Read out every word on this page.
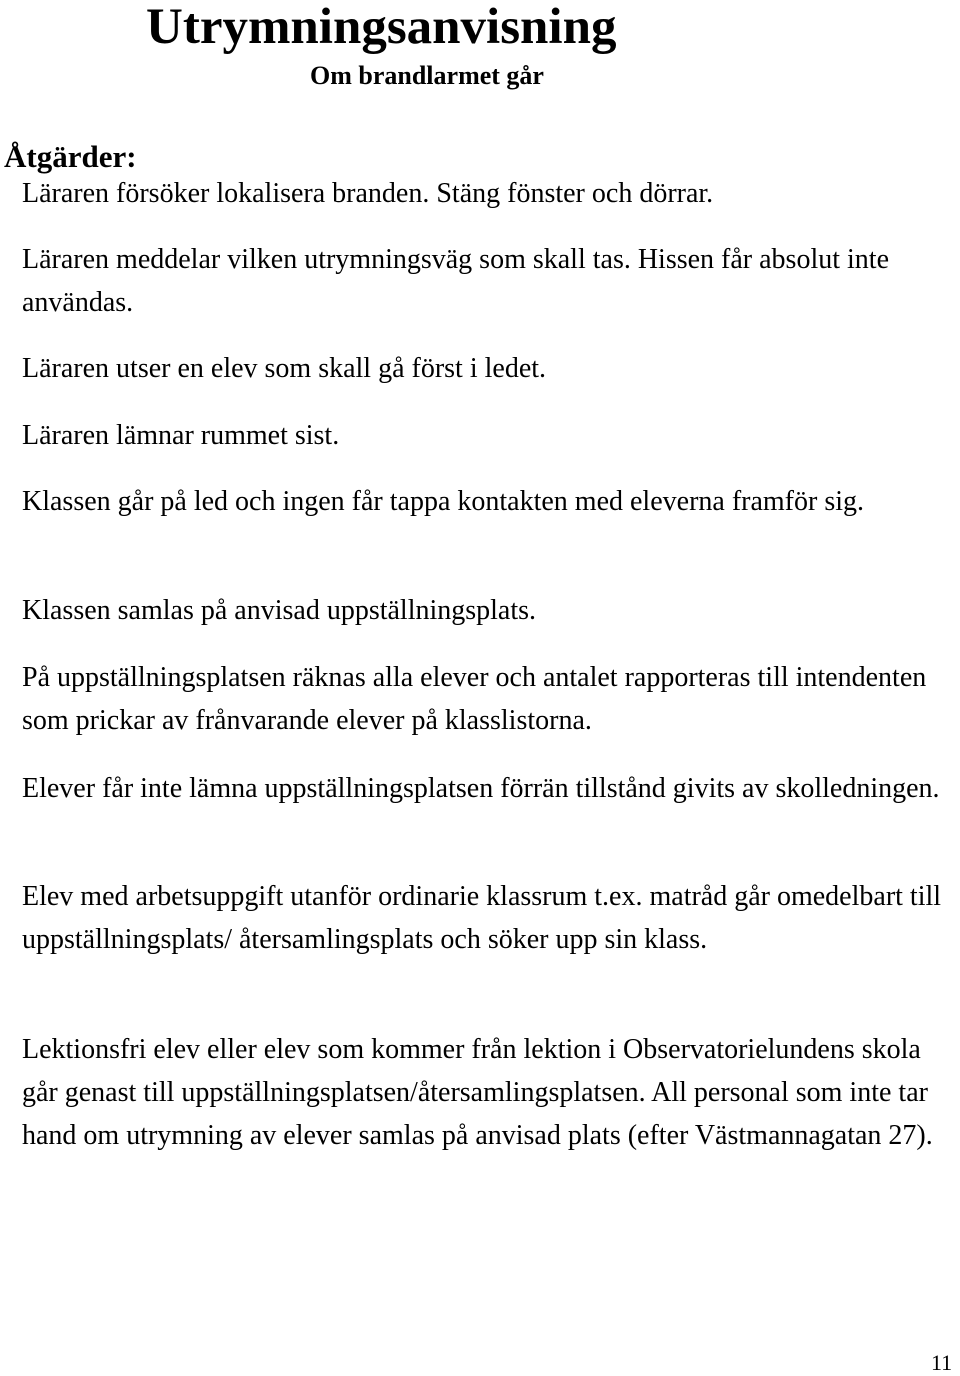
Utrymningsanvisning

Om brandlarmet går

Åtgärder:

Läraren försöker lokalisera branden. Stäng fönster och dörrar.

Läraren meddelar vilken utrymningsväg som skall tas. Hissen får absolut inte användas.

Läraren utser en elev som skall gå först i ledet.

Läraren lämnar rummet sist.

Klassen går på led och ingen får tappa kontakten med eleverna framför sig.

Klassen samlas på anvisad uppställningsplats.

På uppställningsplatsen räknas alla elever och antalet rapporteras till intendenten som prickar av frånvarande elever på klasslistorna.

Elever får inte lämna uppställningsplatsen förrän tillstånd givits av skolledningen.

Elev med arbetsuppgift utanför ordinarie klassrum t.ex. matråd går omedelbart till uppställningsplats/ återsamlingsplats och söker upp sin klass.

Lektionsfri elev eller elev som kommer från lektion i Observatorielundens skola går genast till uppställningsplatsen/återsamlingsplatsen. All personal som inte tar hand om utrymning av elever samlas på anvisad plats (efter Västmannagatan 27).

11
